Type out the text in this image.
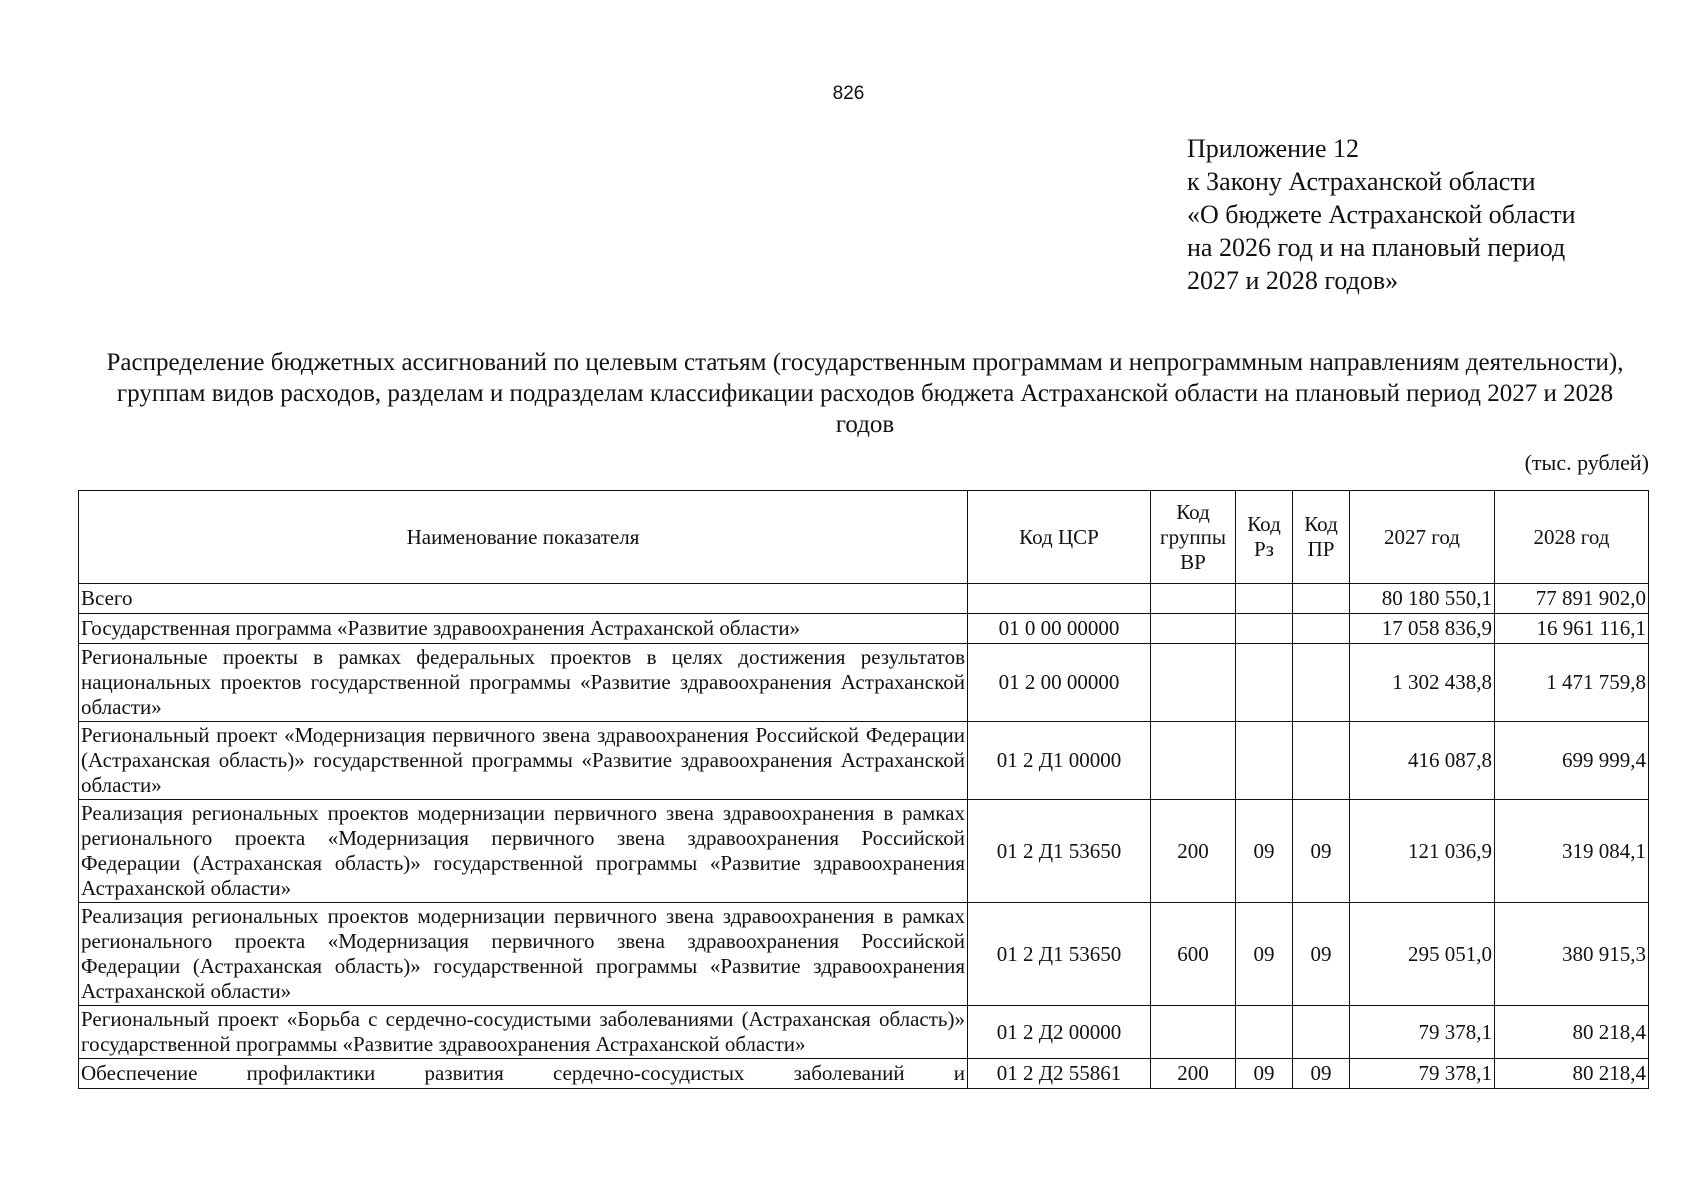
826
Приложение 12
к Закону Астраханской области
«О бюджете Астраханской области
на 2026 год и на плановый период
2027 и 2028 годов»
Распределение бюджетных ассигнований по целевым статьям (государственным программам и непрограммным направлениям деятельности), группам видов расходов, разделам и подразделам классификации расходов бюджета Астраханской области на плановый период 2027 и 2028 годов
(тыс. рублей)
Наименование показателя	Код ЦСР	Код группы ВР	Код Рз	Код ПР	2027 год	2028 год
Всего					80 180 550,1	77 891 902,0
Государственная программа «Развитие здравоохранения Астраханской области»	01 0 00 00000				17 058 836,9	16 961 116,1
Региональные проекты в рамках федеральных проектов в целях достижения результатов национальных проектов государственной программы «Развитие здравоохранения Астраханской области»	01 2 00 00000				1 302 438,8	1 471 759,8
Региональный проект «Модернизация первичного звена здравоохранения Российской Федерации (Астраханская область)» государственной программы «Развитие здравоохранения Астраханской области»	01 2 Д1 00000				416 087,8	699 999,4
Реализация региональных проектов модернизации первичного звена здравоохранения в рамках регионального проекта «Модернизация первичного звена здравоохранения Российской Федерации (Астраханская область)» государственной программы «Развитие здравоохранения Астраханской области»	01 2 Д1 53650	200	09	09	121 036,9	319 084,1
Реализация региональных проектов модернизации первичного звена здравоохранения в рамках регионального проекта «Модернизация первичного звена здравоохранения Российской Федерации (Астраханская область)» государственной программы «Развитие здравоохранения Астраханской области»	01 2 Д1 53650	600	09	09	295 051,0	380 915,3
Региональный проект «Борьба с сердечно-сосудистыми заболеваниями (Астраханская область)» государственной программы «Развитие здравоохранения Астраханской области»	01 2 Д2 00000				79 378,1	80 218,4
Обеспечение профилактики развития сердечно-сосудистых заболеваний и	01 2 Д2 55861	200	09	09	79 378,1	80 218,4
